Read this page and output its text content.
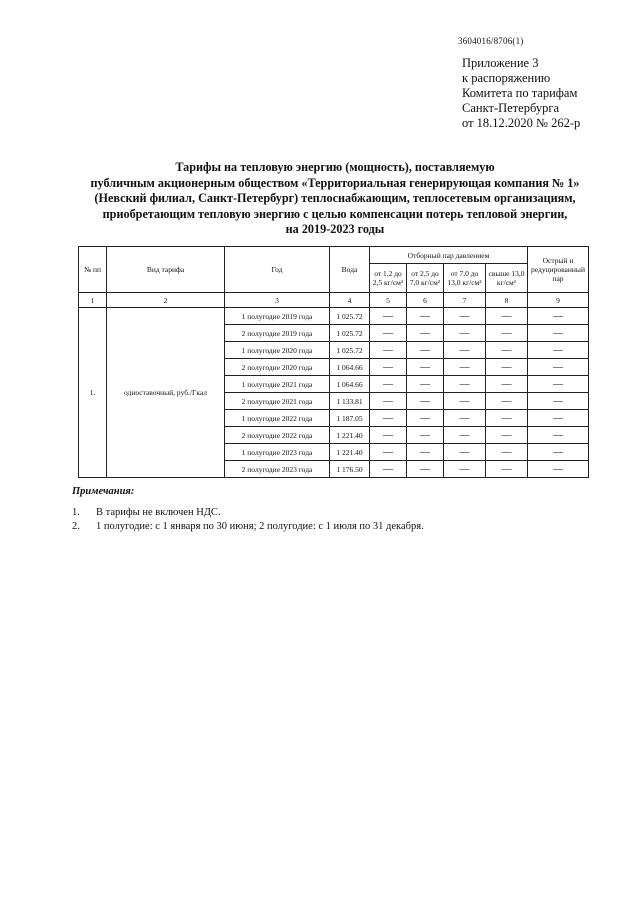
3604016/8706(1)
Приложение 3
к распоряжению
Комитета по тарифам
Санкт-Петербурга
от 18.12.2020 № 262-р
Тарифы на тепловую энергию (мощность), поставляемую
публичным акционерным обществом «Территориальная генерирующая компания № 1»
(Невский филиал, Санкт-Петербург) теплоснабжающим, теплосетевым организациям,
приобретающим тепловую энергию с целью компенсации потерь тепловой энергии,
на 2019-2023 годы
№ пп	Вид тарифа	Год	Вода	Отборный пар давлением				Острый и редуцированный пар
				от 1,2 до 2,5 кг/см²	от 2,5 до 7,0 кг/см²	от 7,0 до 13,0 кг/см²	свыше 13,0 кг/см²	
1	2	3	4	5	6	7	8	9
1.	одноставочный, руб./Гкал	1 полугодие 2019 года	1 025.72	—	—	—	—	—
		2 полугодие 2019 года	1 025.72	—	—	—	—	—
		1 полугодие 2020 года	1 025.72	—	—	—	—	—
		2 полугодие 2020 года	1 064.66	—	—	—	—	—
		1 полугодие 2021 года	1 064.66	—	—	—	—	—
		2 полугодие 2021 года	1 133.81	—	—	—	—	—
		1 полугодие 2022 года	1 187.05	—	—	—	—	—
		2 полугодие 2022 года	1 221.40	—	—	—	—	—
		1 полугодие 2023 года	1 221.40	—	—	—	—	—
		2 полугодие 2023 года	1 176.50	—	—	—	—	—
Примечания:
1.	В тарифы не включен НДС.
2.	1 полугодие: с 1 января по 30 июня; 2 полугодие: с 1 июля по 31 декабря.
